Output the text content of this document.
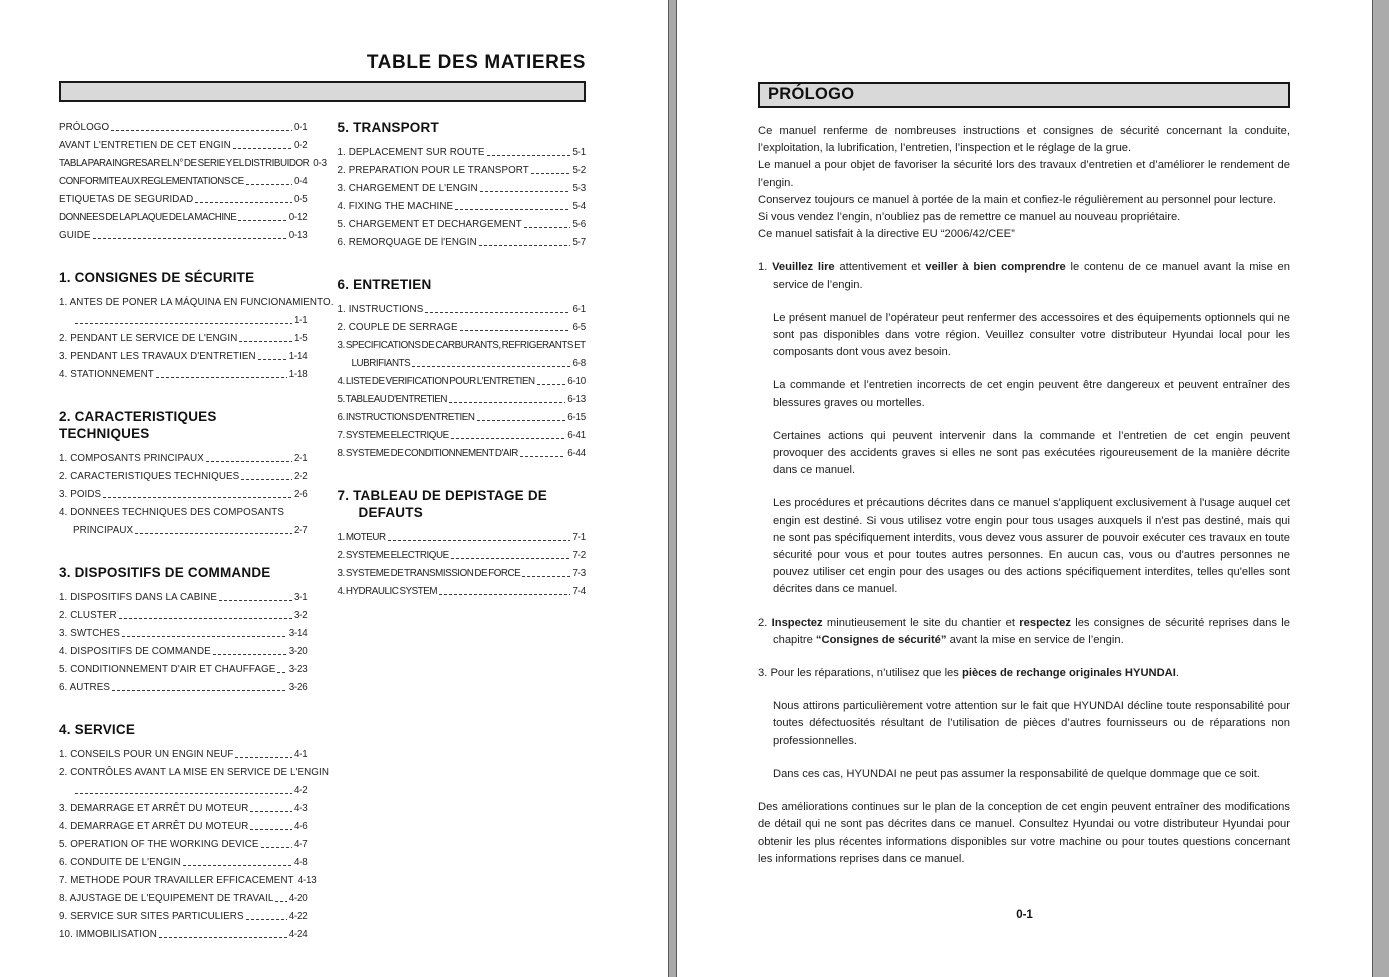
TABLE DES MATIERES
PRÓLOGO	0-1
AVANT L'ENTRETIEN DE CET ENGIN	0-2
TABLA PARA INGRESAR EL N° DE SERIE Y EL DISTRIBUIDOR 0-3
CONFORMITE AUX REGLEMENTATIONS CE	0-4
ETIQUETAS DE SEGURIDAD	0-5
DONNEES DE LA PLAQUE DE LA MACHINE	0-12
GUIDE	0-13
1. CONSIGNES DE SÉCURITE
1. ANTES DE PONER LA MÁQUINA EN FUNCIONAMIENTO.
1-1
2. PENDANT LE SERVICE DE L'ENGIN	1-5
3. PENDANT LES TRAVAUX D'ENTRETIEN	1-14
4. STATIONNEMENT	1-18
2. CARACTERISTIQUES TECHNIQUES
1. COMPOSANTS PRINCIPAUX	2-1
2. CARACTERISTIQUES TECHNIQUES	2-2
3. POIDS	2-6
4. DONNEES TECHNIQUES DES COMPOSANTS
PRINCIPAUX	2-7
3. DISPOSITIFS DE COMMANDE
1. DISPOSITIFS DANS LA CABINE	3-1
2. CLUSTER	3-2
3. SWTCHES	3-14
4. DISPOSITIFS DE COMMANDE	3-20
5. CONDITIONNEMENT D'AIR ET CHAUFFAGE 3-23
6. AUTRES	3-26
4. SERVICE
1. CONSEILS POUR UN ENGIN NEUF	4-1
2. CONTRÔLES AVANT LA MISE EN SERVICE DE L'ENGIN
4-2
3. DEMARRAGE ET ARRÊT DU MOTEUR	4-3
4. DEMARRAGE ET ARRÊT DU MOTEUR	4-6
5. OPERATION OF THE WORKING DEVICE	4-7
6. CONDUITE DE L'ENGIN	4-8
7. METHODE POUR TRAVAILLER EFFICACEMENT 4-13
8. AJUSTAGE DE L'EQUIPEMENT DE TRAVAIL 4-20
9. SERVICE SUR SITES PARTICULIERS	4-22
10. IMMOBILISATION	4-24
5. TRANSPORT
1. DEPLACEMENT SUR ROUTE	5-1
2. PREPARATION POUR LE TRANSPORT	5-2
3. CHARGEMENT DE L'ENGIN	5-3
4. FIXING THE MACHINE	5-4
5. CHARGEMENT ET DECHARGEMENT	5-6
6. REMORQUAGE DE l'ENGIN	5-7
6. ENTRETIEN
1. INSTRUCTIONS	6-1
2. COUPLE DE SERRAGE	6-5
3. SPECIFICATIONS DE CARBURANTS, REFRIGERANTS ET
LUBRIFIANTS	6-8
4. LISTE DE VERIFICATION POUR L'ENTRETIEN	6-10
5. TABLEAU D'ENTRETIEN	6-13
6. INSTRUCTIONS D'ENTRETIEN	6-15
7. SYSTEME ELECTRIQUE	6-41
8. SYSTEME DE CONDITIONNEMENT D'AIR	6-44
7. TABLEAU DE DEPISTAGE DE
DEFAUTS
1. MOTEUR	7-1
2. SYSTEME ELECTRIQUE	7-2
3. SYSTEME DE TRANSMISSION DE FORCE	7-3
4. HYDRAULIC SYSTEM	7-4
PRÓLOGO
Ce manuel renferme de nombreuses instructions et consignes de sécurité concernant la conduite, l’exploitation, la lubrification, l’entretien, l’inspection et le réglage de la grue.
Le manuel a pour objet de favoriser la sécurité lors des travaux d’entretien et d’améliorer le rendement de l’engin.
Conservez toujours ce manuel à portée de la main et confiez-le régulièrement au personnel pour lecture.
Si vous vendez l’engin, n’oubliez pas de remettre ce manuel au nouveau propriétaire.
Ce manuel satisfait à la directive EU “2006/42/CEE”
1. Veuillez lire attentivement et veiller à bien comprendre le contenu de ce manuel avant la mise en service de l’engin.
Le présent manuel de l’opérateur peut renfermer des accessoires et des équipements optionnels qui ne sont pas disponibles dans votre région. Veuillez consulter votre distributeur Hyundai local pour les composants dont vous avez besoin.
La commande et l’entretien incorrects de cet engin peuvent être dangereux et peuvent entraîner des blessures graves ou mortelles.
Certaines actions qui peuvent intervenir dans la commande et l’entretien de cet engin peuvent provoquer des accidents graves si elles ne sont pas exécutées rigoureusement de la manière décrite dans ce manuel.
Les procédures et précautions décrites dans ce manuel s'appliquent exclusivement à l'usage auquel cet engin est destiné. Si vous utilisez votre engin pour tous usages auxquels il n'est pas destiné, mais qui ne sont pas spécifiquement interdits, vous devez vous assurer de pouvoir exécuter ces travaux en toute sécurité pour vous et pour toutes autres personnes. En aucun cas, vous ou d'autres personnes ne pouvez utiliser cet engin pour des usages ou des actions spécifiquement interdites, telles qu'elles sont décrites dans ce manuel.
2. Inspectez minutieusement le site du chantier et respectez les consignes de sécurité reprises dans le chapitre “Consignes de sécurité” avant la mise en service de l’engin.
3. Pour les réparations, n’utilisez que les pièces de rechange originales HYUNDAI.
Nous attirons particulièrement votre attention sur le fait que HYUNDAI décline toute responsabilité pour toutes défectuosités résultant de l’utilisation de pièces d’autres fournisseurs ou de réparations non professionnelles.
Dans ces cas, HYUNDAI ne peut pas assumer la responsabilité de quelque dommage que ce soit.
Des améliorations continues sur le plan de la conception de cet engin peuvent entraîner des modifications de détail qui ne sont pas décrites dans ce manuel. Consultez Hyundai ou votre distributeur Hyundai pour obtenir les plus récentes informations disponibles sur votre machine ou pour toutes questions concernant les informations reprises dans ce manuel.
0-1
